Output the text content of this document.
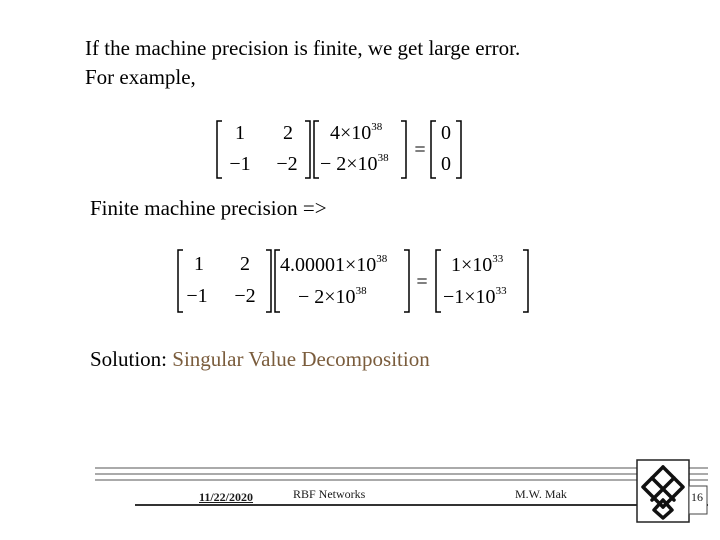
If the machine precision is finite, we get large error.
For example,
1 2
−1 −2
$4\times 10^{38}$
− $2\times 10^{38}$ =
0
0
1 2
−1 −2
$4.00001\times 10^{38}$
− $2\times 10^{38}$ =
$1\times 10^{33}$
$-1\times 10^{33}$
Finite machine precision =>
Solution: Singular Value Decomposition
11/22/2020	RBF Networks	M.W. Mak	16
